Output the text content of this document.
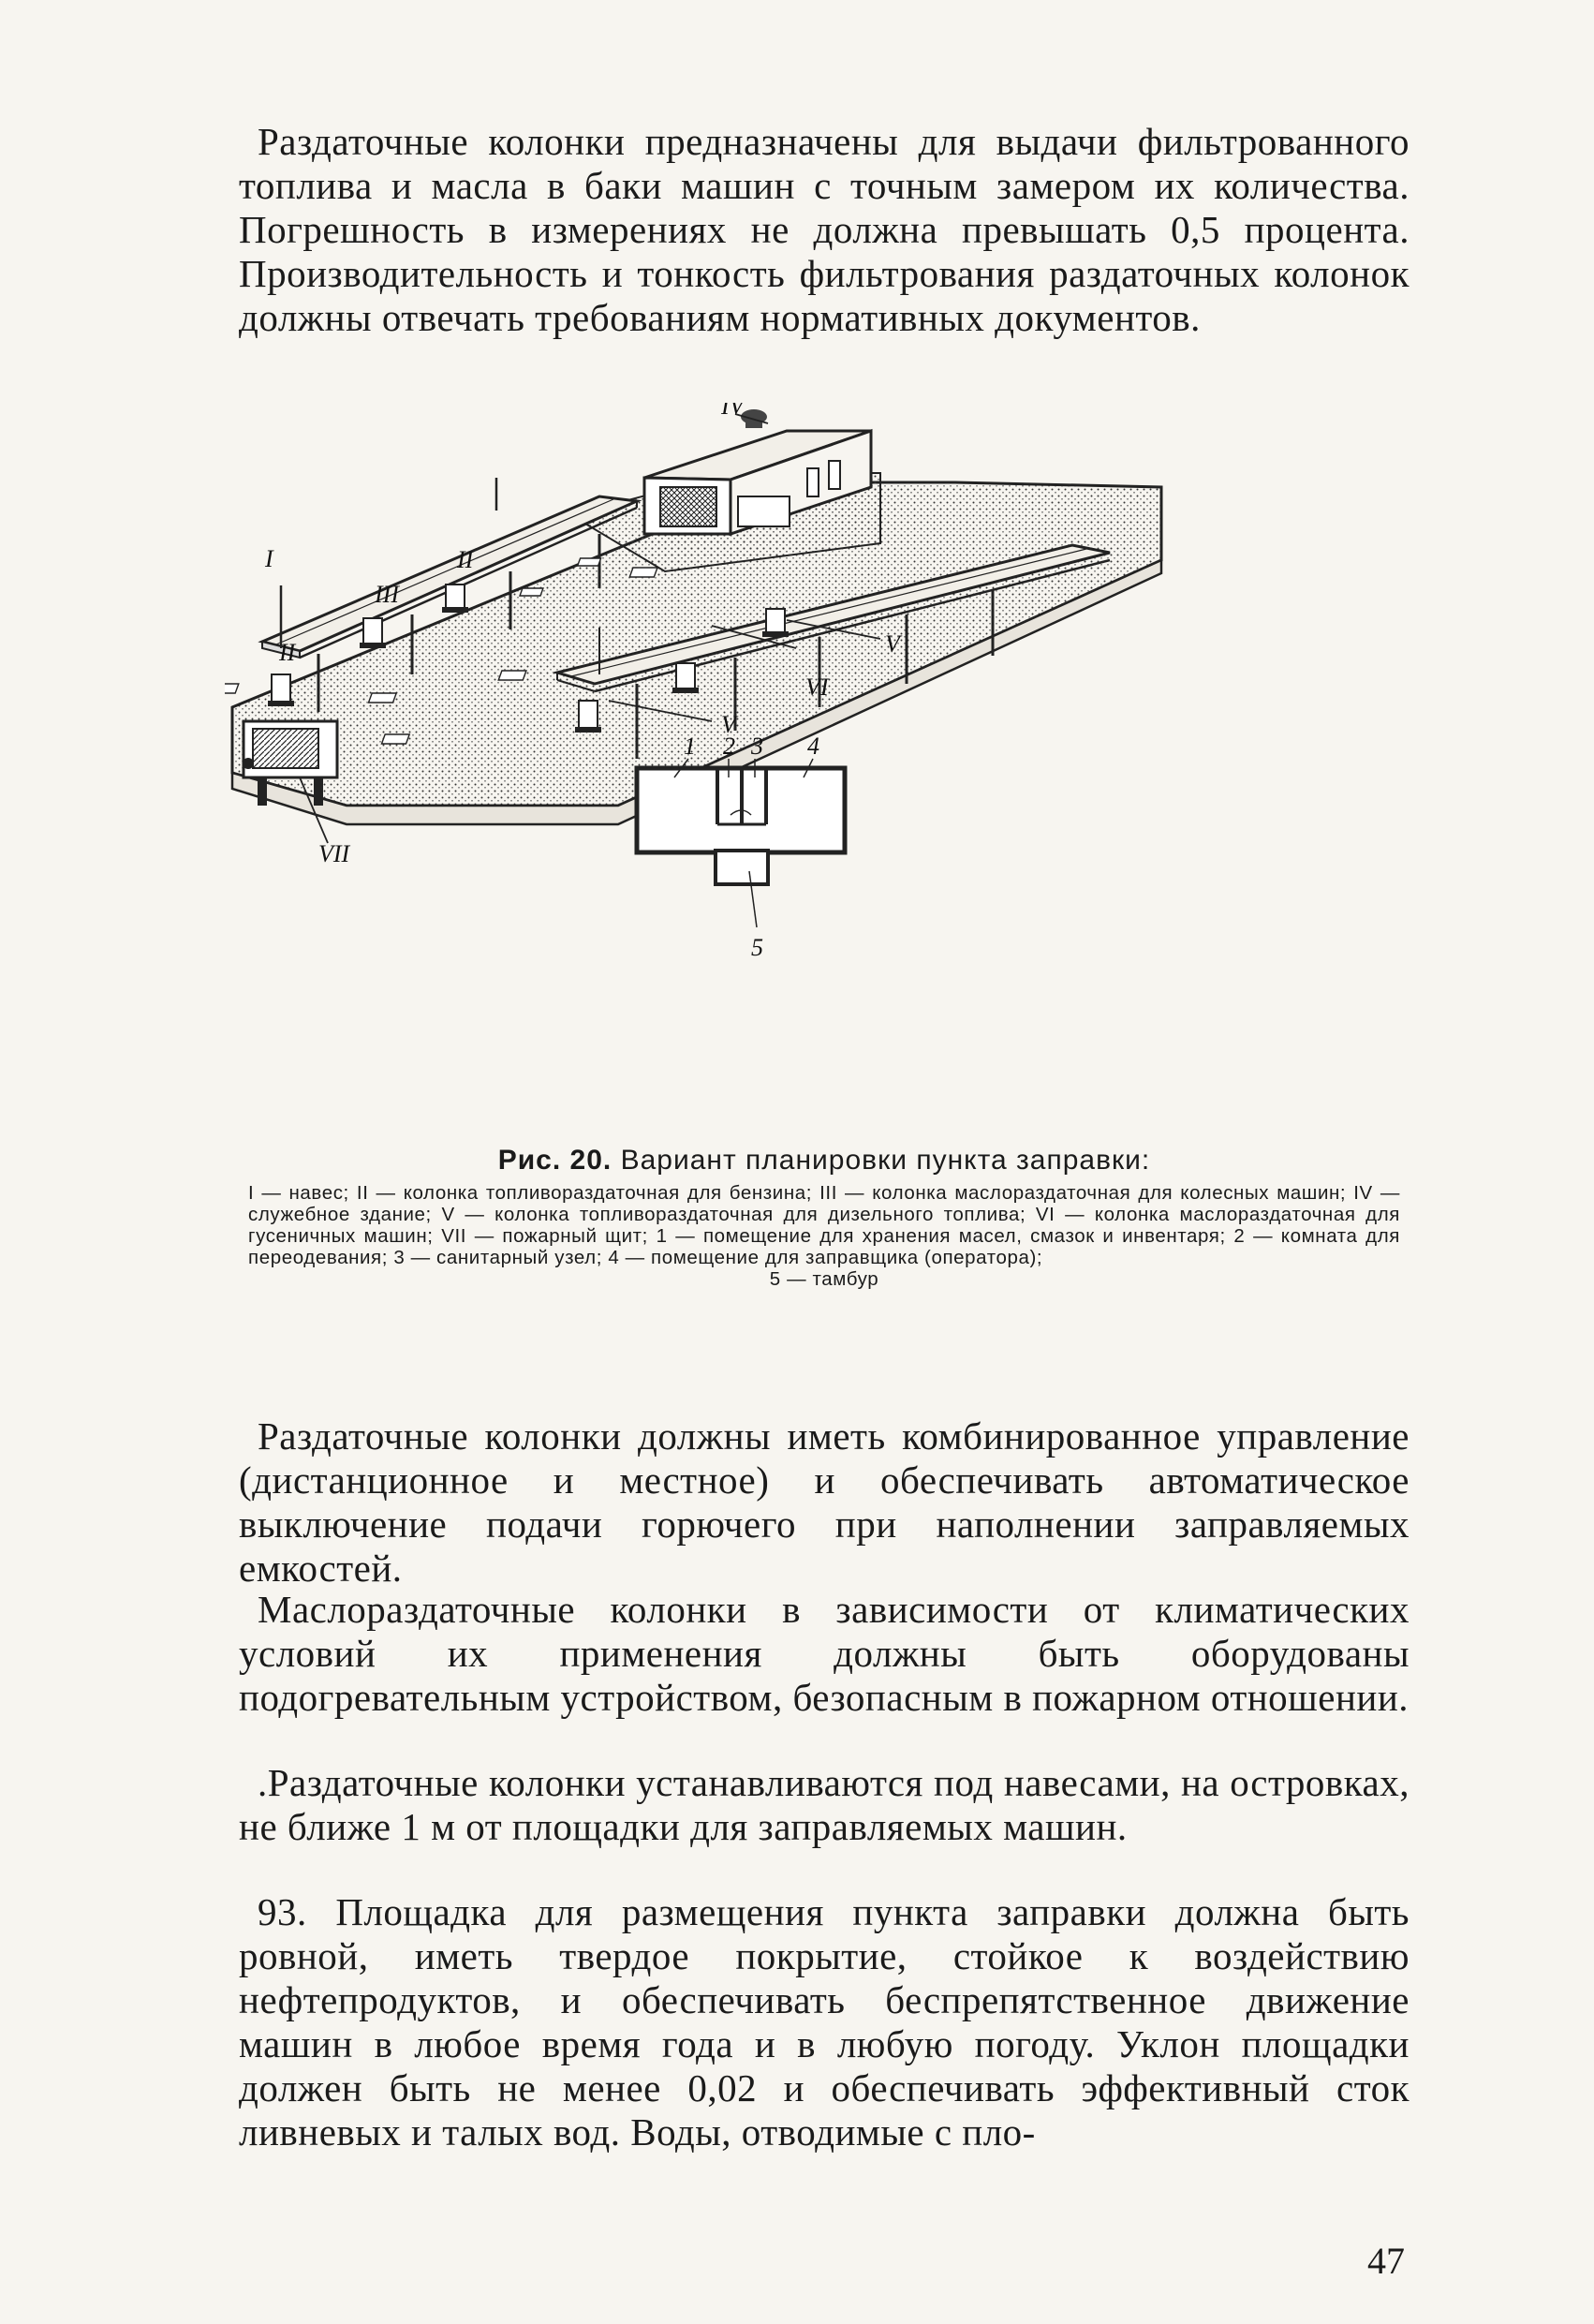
Раздаточные колонки предназначены для выдачи фильтрованного топлива и масла в баки машин с точным замером их количества. Погрешность в измерениях не должна превышать 0,5 процента. Производительность и тонкость фильтрования раздаточных колонок должны отвечать требованиям нормативных документов.

IV
I	II
III
II	V
V
VI
VII
1 2 3 4
5

Рис. 20. Вариант планировки пункта заправки:

I — навес; II — колонка топливораздаточная для бензина; III — колонка маслораздаточная для колесных машин; IV — служебное здание; V — колонка топливораздаточная для дизельного топлива; VI — колонка маслораздаточная для гусеничных машин; VII — пожарный щит; 1 — помещение для хранения масел, смазок и инвентаря; 2 — комната для переодевания; 3 — санитарный узел; 4 — помещение для заправщика (оператора);
5 — тамбур

Раздаточные колонки должны иметь комбинированное управление (дистанционное и местное) и обеспечивать автоматическое выключение подачи горючего при наполнении заправляемых емкостей.

Маслораздаточные колонки в зависимости от климатических условий их применения должны быть оборудованы подогревательным устройством, безопасным в пожарном отношении.

.Раздаточные колонки устанавливаются под навесами, на островках, не ближе 1 м от площадки для заправляемых машин.

93. Площадка для размещения пункта заправки должна быть ровной, иметь твердое покрытие, стойкое к воздействию нефтепродуктов, и обеспечивать беспрепятственное движение машин в любое время года и в любую погоду. Уклон площадки должен быть не менее 0,02 и обеспечивать эффективный сток ливневых и талых вод. Воды, отводимые с пло-

47
